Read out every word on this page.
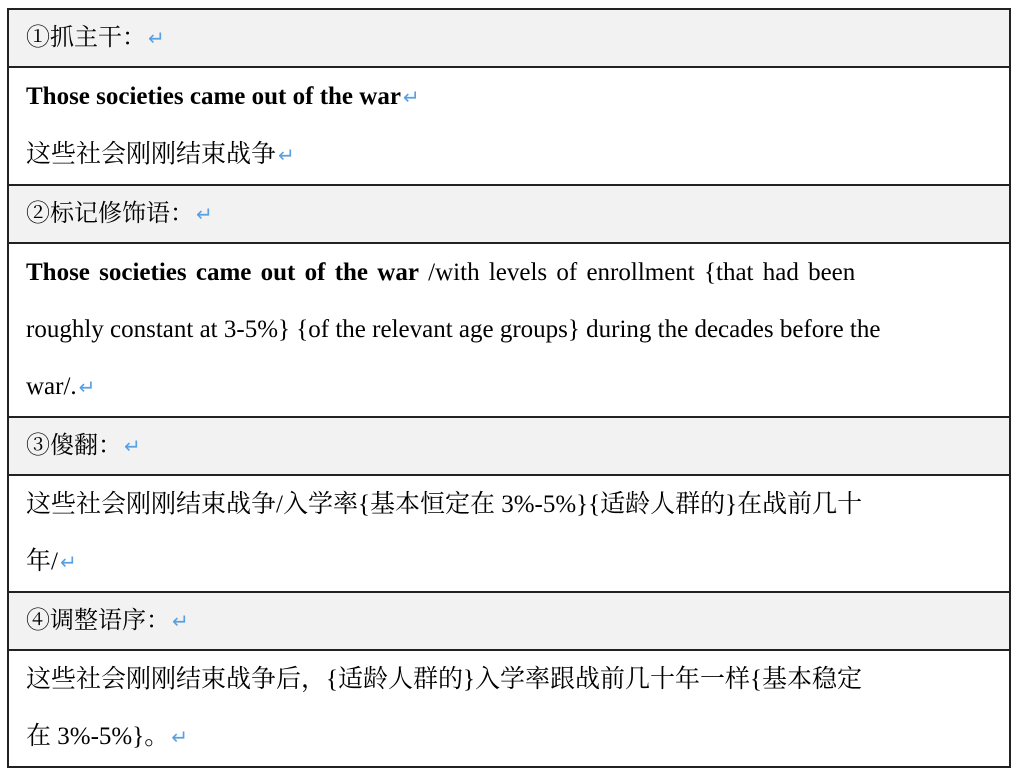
①抓主干： ↵

Those societies came out of the war ↵
这些社会刚刚结束战争 ↵

②标记修饰语： ↵

Those societies came out of the war /with levels of enrollment {that had been
roughly constant at 3-5%} {of the relevant age groups} during the decades before the
war/. ↵

③傻翻： ↵

这些社会刚刚结束战争/入学率{基本恒定在 3%-5%}{适龄人群的}在战前几十
年/ ↵

④调整语序： ↵

这些社会刚刚结束战争后，{适龄人群的}入学率跟战前几十年一样{基本稳定
在 3%-5%}。 ↵
